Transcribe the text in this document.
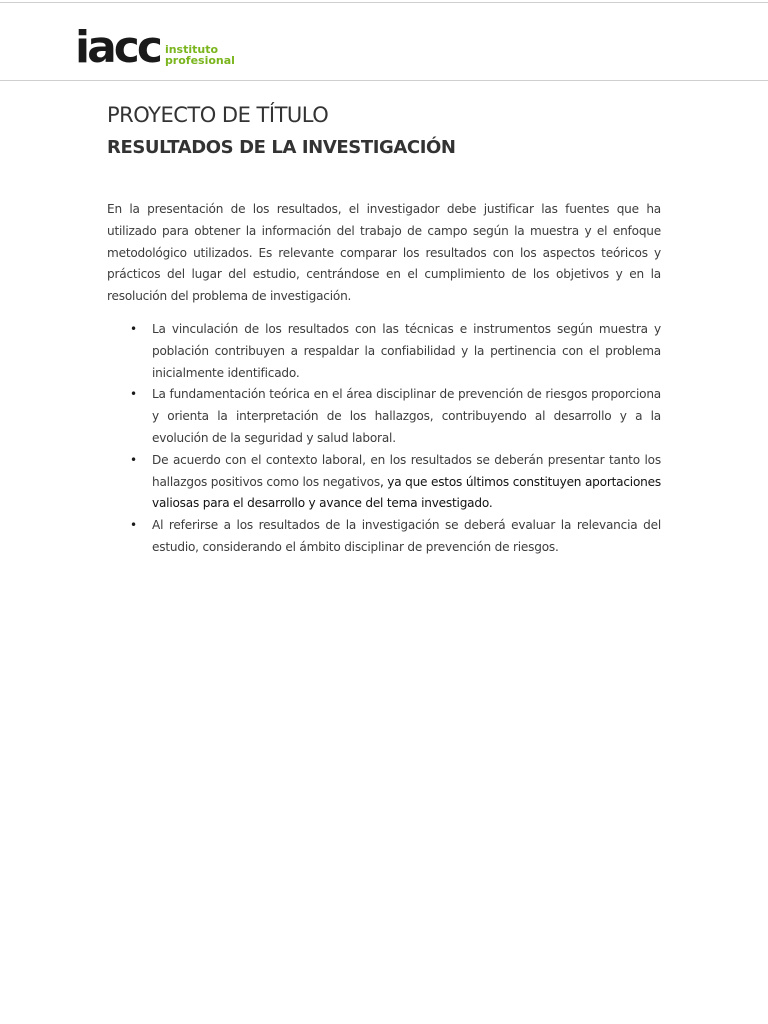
iacc instituto
profesional
PROYECTO DE TÍTULO
RESULTADOS DE LA INVESTIGACIÓN

En la presentación de los resultados, el investigador debe justificar las fuentes que ha utilizado para obtener la información del trabajo de campo según la muestra y el enfoque metodológico utilizados. Es relevante comparar los resultados con los aspectos teóricos y prácticos del lugar del estudio, centrándose en el cumplimiento de los objetivos y en la resolución del problema de investigación.

• La vinculación de los resultados con las técnicas e instrumentos según muestra y población contribuyen a respaldar la confiabilidad y la pertinencia con el problema inicialmente identificado.
• La fundamentación teórica en el área disciplinar de prevención de riesgos proporciona y orienta la interpretación de los hallazgos, contribuyendo al desarrollo y a la evolución de la seguridad y salud laboral.
• De acuerdo con el contexto laboral, en los resultados se deberán presentar tanto los hallazgos positivos como los negativos, ya que estos últimos constituyen aportaciones valiosas para el desarrollo y avance del tema investigado.
• Al referirse a los resultados de la investigación se deberá evaluar la relevancia del estudio, considerando el ámbito disciplinar de prevención de riesgos.
